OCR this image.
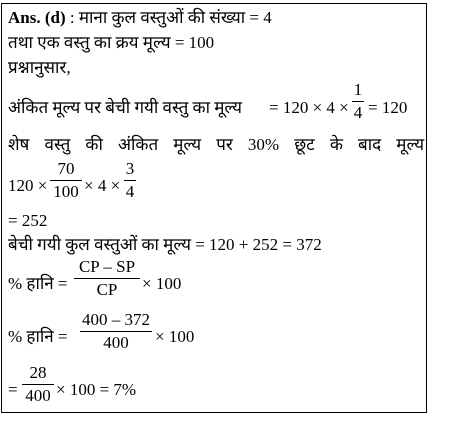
Ans. (d) : माना कुल वस्तुओं की संख्या = 4
तथा एक वस्तु का क्रय मूल्य = 100
प्रश्नानुसार,
अंकित मूल्य पर बेची गयी वस्तु का मूल्य = 120 × 4 ×
1
4 = 120
शेष वस्तु की अंकित मूल्य पर 30% छूट के बाद मूल्य
120 ×
70
100 × 4 ×
3
4
= 252
बेची गयी कुल वस्तुओं का मूल्य = 120 + 252 = 372
% हानि =
CP – SP
CP	× 100
% हानि =
400 – 372
400	× 100
=
28
400 × 100 = 7%
